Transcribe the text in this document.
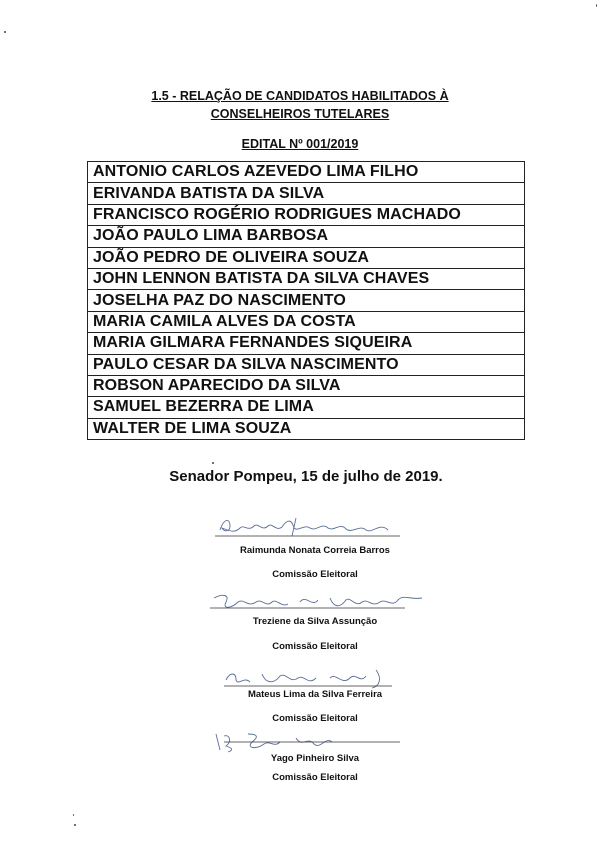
1.5 - RELAÇÃO DE CANDIDATOS HABILITADOS À
CONSELHEIROS TUTELARES
EDITAL Nº 001/2019
ANTONIO CARLOS AZEVEDO LIMA FILHO
ERIVANDA BATISTA DA SILVA
FRANCISCO ROGÉRIO RODRIGUES MACHADO
JOÃO PAULO LIMA BARBOSA
JOÃO PEDRO DE OLIVEIRA SOUZA
JOHN LENNON BATISTA DA SILVA CHAVES
JOSELHA PAZ DO NASCIMENTO
MARIA CAMILA ALVES DA COSTA
MARIA GILMARA FERNANDES SIQUEIRA
PAULO CESAR DA SILVA NASCIMENTO
ROBSON APARECIDO DA SILVA
SAMUEL BEZERRA DE LIMA
WALTER DE LIMA SOUZA
Senador Pompeu, 15 de julho de 2019.
Raimunda Nonata Correia Barros
Comissão Eleitoral
Treziene da Silva Assunção
Comissão Eleitoral
Mateus Lima da Silva Ferreira
Comissão Eleitoral
Yago Pinheiro Silva
Comissão Eleitoral
